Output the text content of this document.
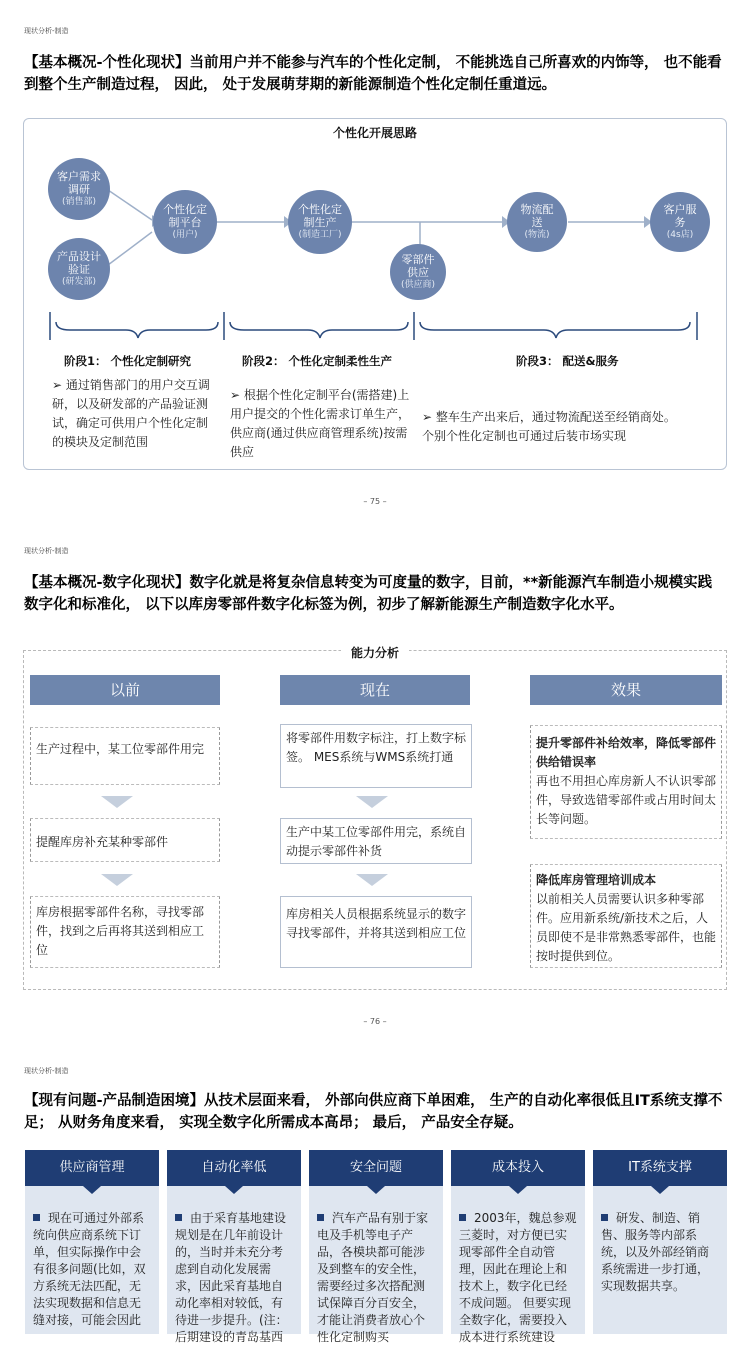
现状分析-制造
【基本概况-个性化现状】当前用户并不能参与汽车的个性化定制， 不能挑选自己所喜欢的内饰等， 也不能看到整个生产制造过程， 因此， 处于发展萌芽期的新能源制造个性化定制任重道远。
个性化开展思路
客户需求调研
(销售部)
产品设计验证
(研发部)
个性化定制平台
(用户)
个性化定制生产
(制造工厂)
零部件供应
(供应商)
物流配送
(物流)
客户服务
(4s店)
阶段1： 个性化定制研究	阶段2： 个性化定制柔性生产	阶段3： 配送&服务
➢ 通过销售部门的用户交互调研，以及研发部的产品验证测试，确定可供用户个性化定制的模块及定制范围
➢ 根据个性化定制平台(需搭建)上用户提交的个性化需求订单生产，供应商(通过供应商管理系统)按需供应
➢ 整车生产出来后，通过物流配送至经销商处。个别个性化定制也可通过后装市场实现
– 75 –
现状分析-制造
【基本概况-数字化现状】数字化就是将复杂信息转变为可度量的数字，目前，**新能源汽车制造小规模实践数字化和标准化， 以下以库房零部件数字化标签为例，初步了解新能源生产制造数字化水平。
能力分析
以前	现在	效果
生产过程中，某工位零部件用完
提醒库房补充某种零部件
库房根据零部件名称，寻找零部件，找到之后再将其送到相应工位
将零部件用数字标注，打上数字标签。 MES系统与WMS系统打通
生产中某工位零部件用完，系统自动提示零部件补货
库房相关人员根据系统显示的数字寻找零部件，并将其送到相应工位
提升零部件补给效率，降低零部件供给错误率
再也不用担心库房新人不认识零部件，导致选错零部件或占用时间太长等问题。
降低库房管理培训成本
以前相关人员需要认识多种零部件。应用新系统/新技术之后，人员即使不是非常熟悉零部件，也能按时提供到位。
– 76 –
现状分析-制造
【现有问题-产品制造困境】从技术层面来看， 外部向供应商下单困难， 生产的自动化率很低且IT系统支撑不足； 从财务角度来看， 实现全数字化所需成本高昂； 最后， 产品安全存疑。
供应商管理
现在可通过外部系统向供应商系统下订单，但实际操作中会有很多问题(比如，双方系统无法匹配，无法实现数据和信息无缝对接，可能会因此
自动化率低
由于采育基地建设规划是在几年前设计的，当时并未充分考虑到自动化发展需求，因此采育基地自动化率相对较低，有待进一步提升。(注：后期建设的青岛基西
安全问题
汽车产品有别于家电及手机等电子产品，各模块都可能涉及到整车的安全性，需要经过多次搭配测试保障百分百安全，才能让消费者放心个性化定制购买
成本投入
2003年，魏总参观三菱时，对方便已实现零部件全自动管理，因此在理论上和技术上，数字化已经不成问题。 但要实现全数字化，需要投入成本进行系统建设
IT系统支撑
研发、制造、销售、服务等内部系统，以及外部经销商系统需进一步打通，实现数据共享。
